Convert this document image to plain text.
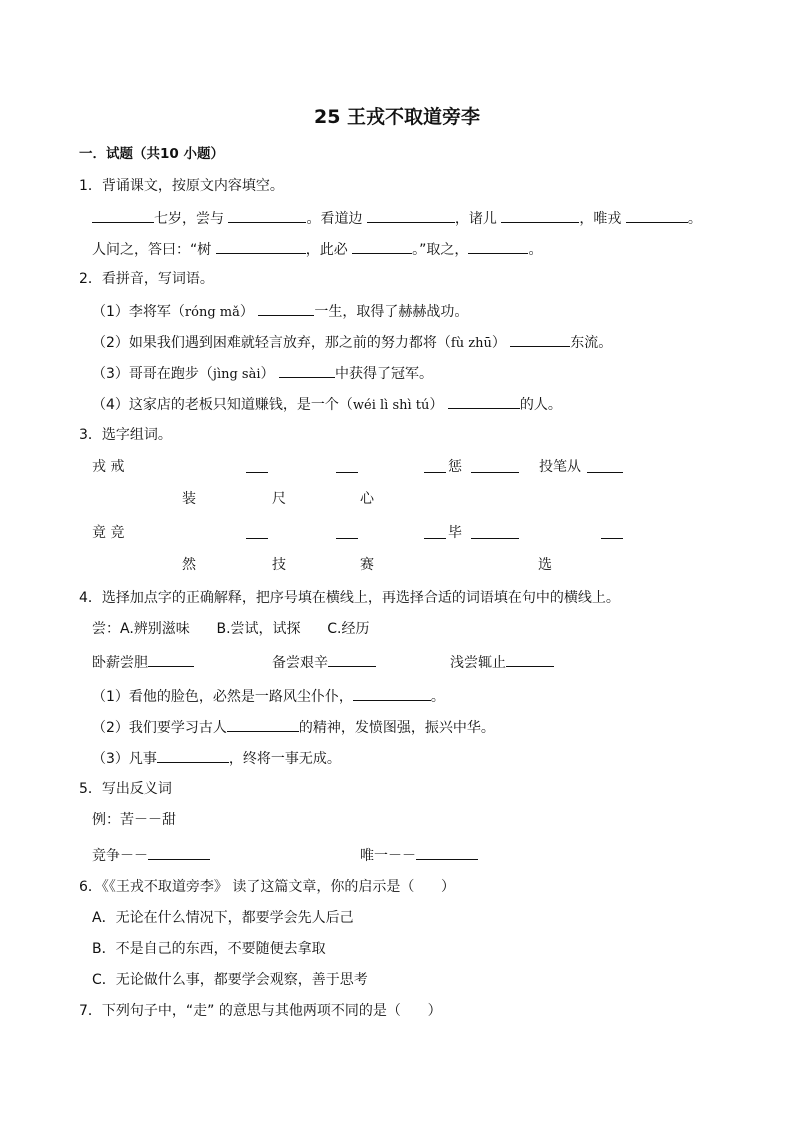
25 王戎不取道旁李
一．试题（共10 小题）
1．背诵课文，按原文内容填空。
七岁，尝与	。看道边	，诸儿	，唯戎	。
人问之，答曰：“树	，此必	。”取之，	。
2．看拼音，写词语。
（1）李将军（róng mǎ）	一生，取得了赫赫战功。
（2）如果我们遇到困难就轻言放弃，那之前的努力都将（fù zhū）	东流。
（3）哥哥在跑步（jìng sài）	中获得了冠军。
（4）这家店的老板只知道赚钱，是一个（wéi lì shì tú）	的人。
3．选字组词。
戎 戒	惩	投笔从
装	尺	心
竟 竞	毕
然	技	赛	选
4．选择加点字的正确解释，把序号填在横线上，再选择合适的词语填在句中的横线上。
尝：A.辨别滋味      B.尝试，试探      C.经历
卧薪尝胆	备尝艰辛	浅尝辄止
（1）看他的脸色，必然是一路风尘仆仆，	。
（2）我们要学习古人	的精神，发愤图强，振兴中华。
（3）凡事	，终将一事无成。
5．写出反义词
例：苦－－甜
竞争－－	唯一－－
6．《《王戎不取道旁李》 读了这篇文章，你的启示是（      ）
A．无论在什么情况下，都要学会先人后己
B．不是自己的东西，不要随便去拿取
C．无论做什么事，都要学会观察，善于思考
7．下列句子中，“走” 的意思与其他两项不同的是（      ）
